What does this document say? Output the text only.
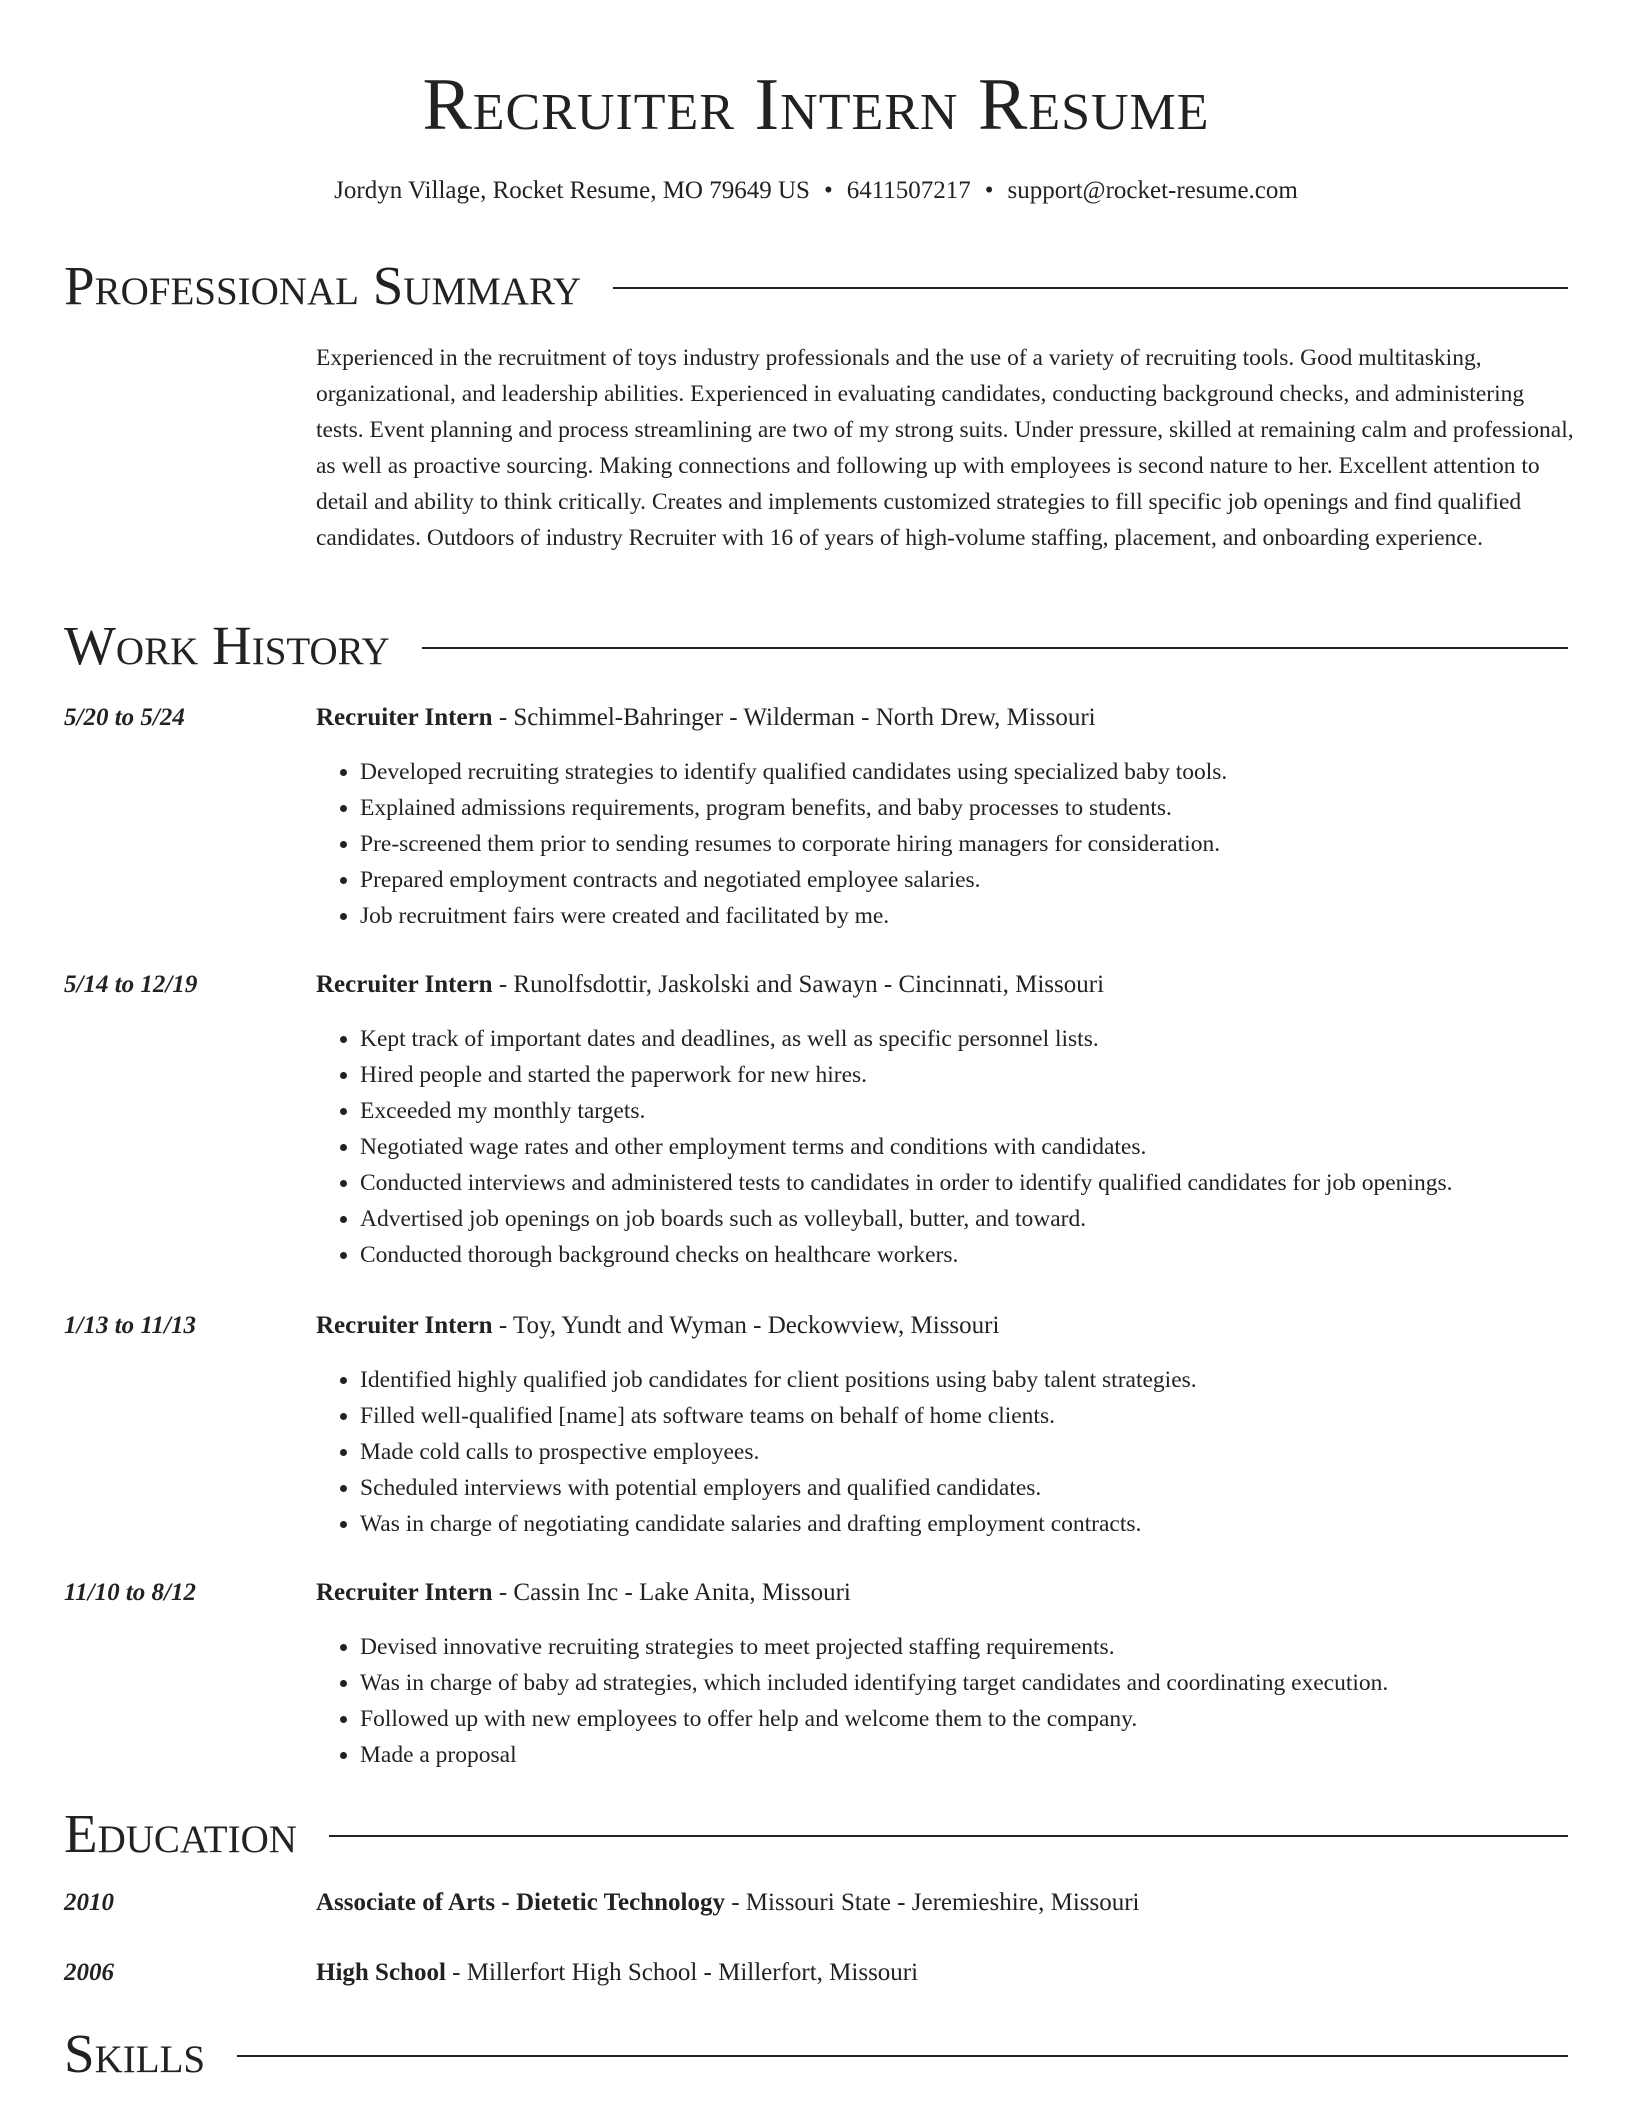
Recruiter Intern Resume
Jordyn Village, Rocket Resume, MO 79649 US • 6411507217 • support@rocket-resume.com
Professional Summary

Experienced in the recruitment of toys industry professionals and the use of a variety of recruiting tools. Good multitasking, organizational, and leadership abilities. Experienced in evaluating candidates, conducting background checks, and administering tests. Event planning and process streamlining are two of my strong suits. Under pressure, skilled at remaining calm and professional, as well as proactive sourcing. Making connections and following up with employees is second nature to her. Excellent attention to detail and ability to think critically. Creates and implements customized strategies to fill specific job openings and find qualified candidates. Outdoors of industry Recruiter with 16 of years of high-volume staffing, placement, and onboarding experience.

Work History
5/20 to 5/24	Recruiter Intern - Schimmel-Bahringer - Wilderman - North Drew, Missouri
• Developed recruiting strategies to identify qualified candidates using specialized baby tools.
• Explained admissions requirements, program benefits, and baby processes to students.
• Pre-screened them prior to sending resumes to corporate hiring managers for consideration.
• Prepared employment contracts and negotiated employee salaries.
• Job recruitment fairs were created and facilitated by me.
5/14 to 12/19	Recruiter Intern - Runolfsdottir, Jaskolski and Sawayn - Cincinnati, Missouri
• Kept track of important dates and deadlines, as well as specific personnel lists.
• Hired people and started the paperwork for new hires.
• Exceeded my monthly targets.
• Negotiated wage rates and other employment terms and conditions with candidates.
• Conducted interviews and administered tests to candidates in order to identify qualified candidates for job openings.
• Advertised job openings on job boards such as volleyball, butter, and toward.
• Conducted thorough background checks on healthcare workers.
1/13 to 11/13	Recruiter Intern - Toy, Yundt and Wyman - Deckowview, Missouri
• Identified highly qualified job candidates for client positions using baby talent strategies.
• Filled well-qualified [name] ats software teams on behalf of home clients.
• Made cold calls to prospective employees.
• Scheduled interviews with potential employers and qualified candidates.
• Was in charge of negotiating candidate salaries and drafting employment contracts.
11/10 to 8/12	Recruiter Intern - Cassin Inc - Lake Anita, Missouri
• Devised innovative recruiting strategies to meet projected staffing requirements.
• Was in charge of baby ad strategies, which included identifying target candidates and coordinating execution.
• Followed up with new employees to offer help and welcome them to the company.
• Made a proposal
Education
2010	Associate of Arts - Dietetic Technology - Missouri State - Jeremieshire, Missouri
2006	High School - Millerfort High School - Millerfort, Missouri
Skills
